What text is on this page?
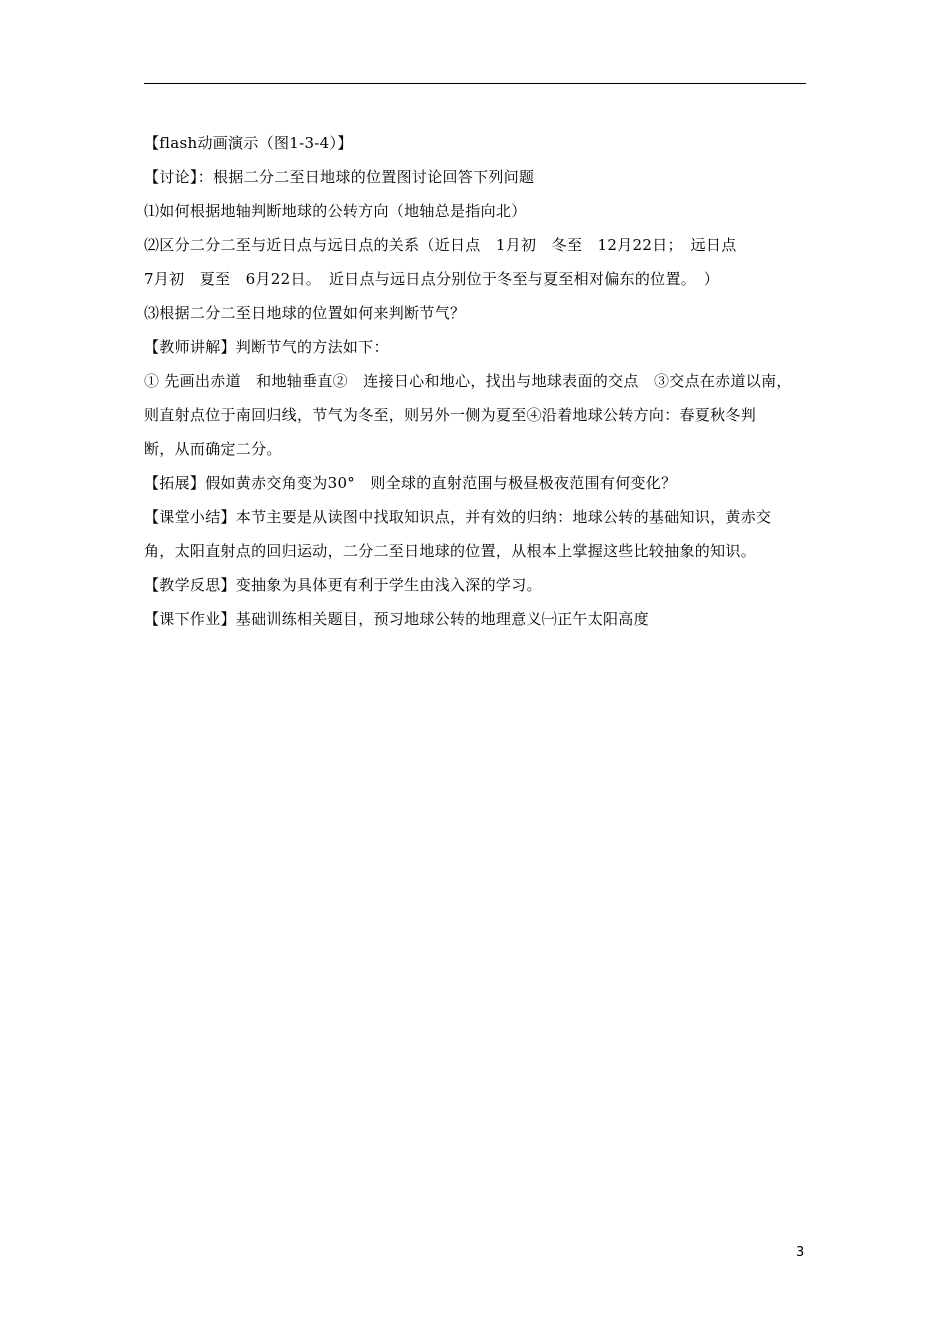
【flash动画演示（图1-3-4）】
【讨论】：根据二分二至日地球的位置图讨论回答下列问题
⑴如何根据地轴判断地球的公转方向（地轴总是指向北）
⑵区分二分二至与近日点与远日点的关系（近日点　1月初　冬至　12月22日；　远日点
7月初　夏至　6月22日。　近日点与远日点分别位于冬至与夏至相对偏东的位置。　）
⑶根据二分二至日地球的位置如何来判断节气？
【教师讲解】判断节气的方法如下：
① 先画出赤道　和地轴垂直②　连接日心和地心，找出与地球表面的交点　③交点在赤道以南，
则直射点位于南回归线，节气为冬至，则另外一侧为夏至④沿着地球公转方向：春夏秋冬判
断，从而确定二分。
【拓展】假如黄赤交角变为30°　则全球的直射范围与极昼极夜范围有何变化？
【课堂小结】本节主要是从读图中找取知识点，并有效的归纳：地球公转的基础知识，黄赤交
角，太阳直射点的回归运动，二分二至日地球的位置，从根本上掌握这些比较抽象的知识。
【教学反思】变抽象为具体更有利于学生由浅入深的学习。
【课下作业】基础训练相关题目，预习地球公转的地理意义㈠正午太阳高度
3
